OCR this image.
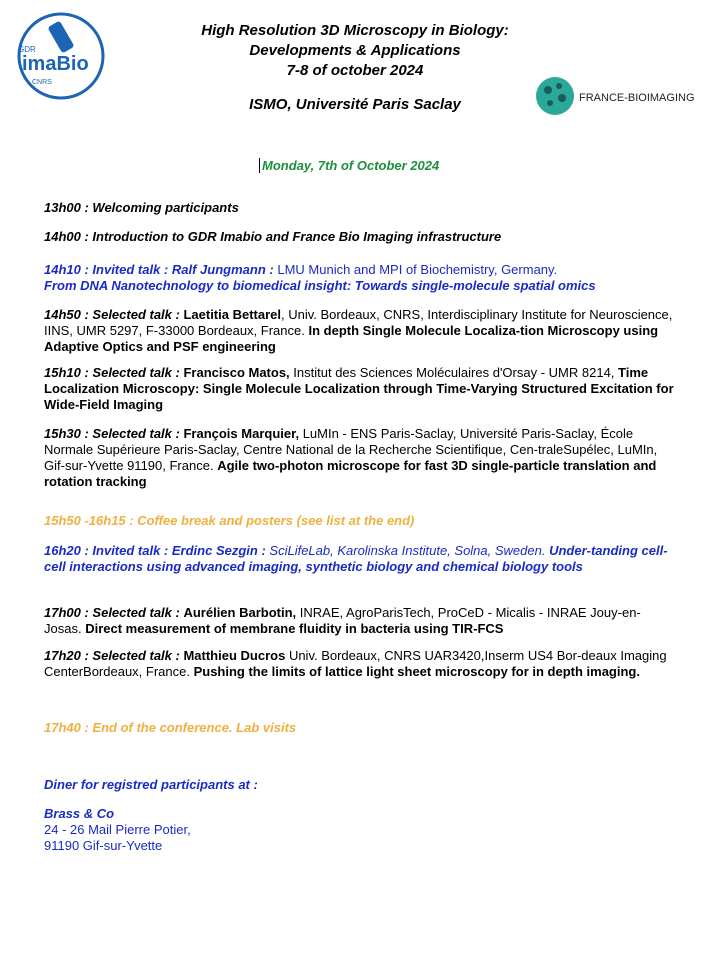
GDR
imaBio
CNRS
FRANCE-BIOIMAGING
High Resolution 3D Microscopy in Biology:
Developments & Applications
7-8 of october 2024
ISMO, Université Paris Saclay
Monday, 7th of October 2024
13h00 : Welcoming participants
14h00 : Introduction to GDR Imabio and France Bio Imaging infrastructure
14h10 : Invited talk : Ralf Jungmann : LMU Munich and MPI of Biochemistry, Germany.
From DNA Nanotechnology to biomedical insight: Towards single-molecule spatial omics
14h50 : Selected talk : Laetitia Bettarel, Univ. Bordeaux, CNRS, Interdisciplinary Institute for Neuroscience, IINS, UMR 5297, F-33000 Bordeaux, France. In depth Single Molecule Localiza-tion Microscopy using Adaptive Optics and PSF engineering
15h10 : Selected talk : Francisco Matos, Institut des Sciences Moléculaires d'Orsay - UMR 8214, Time Localization Microscopy: Single Molecule Localization through Time-Varying Structured Excitation for Wide-Field Imaging
15h30 : Selected talk : François Marquier, LuMIn - ENS Paris-Saclay, Université Paris-Saclay, École Normale Supérieure Paris-Saclay, Centre National de la Recherche Scientifique, Cen-traleSupélec, LuMIn, Gif-sur-Yvette 91190, France. Agile two-photon microscope for fast 3D single-particle translation and rotation tracking
15h50 -16h15 : Coffee break and posters (see list at the end)
16h20 : Invited talk : Erdinc Sezgin : SciLifeLab, Karolinska Institute, Solna, Sweden. Under-tanding cell-cell interactions using advanced imaging, synthetic biology and chemical biology tools
17h00 : Selected talk : Aurélien Barbotin, INRAE, AgroParisTech, ProCeD - Micalis - INRAE Jouy-en-Josas. Direct measurement of membrane fluidity in bacteria using TIR-FCS
17h20 : Selected talk : Matthieu Ducros Univ. Bordeaux, CNRS UAR3420,Inserm US4 Bor-deaux Imaging CenterBordeaux, France. Pushing the limits of lattice light sheet microscopy for in depth imaging.
17h40 : End of the conference. Lab visits
Diner for registred participants at :
Brass & Co
24 - 26 Mail Pierre Potier,
91190 Gif-sur-Yvette
